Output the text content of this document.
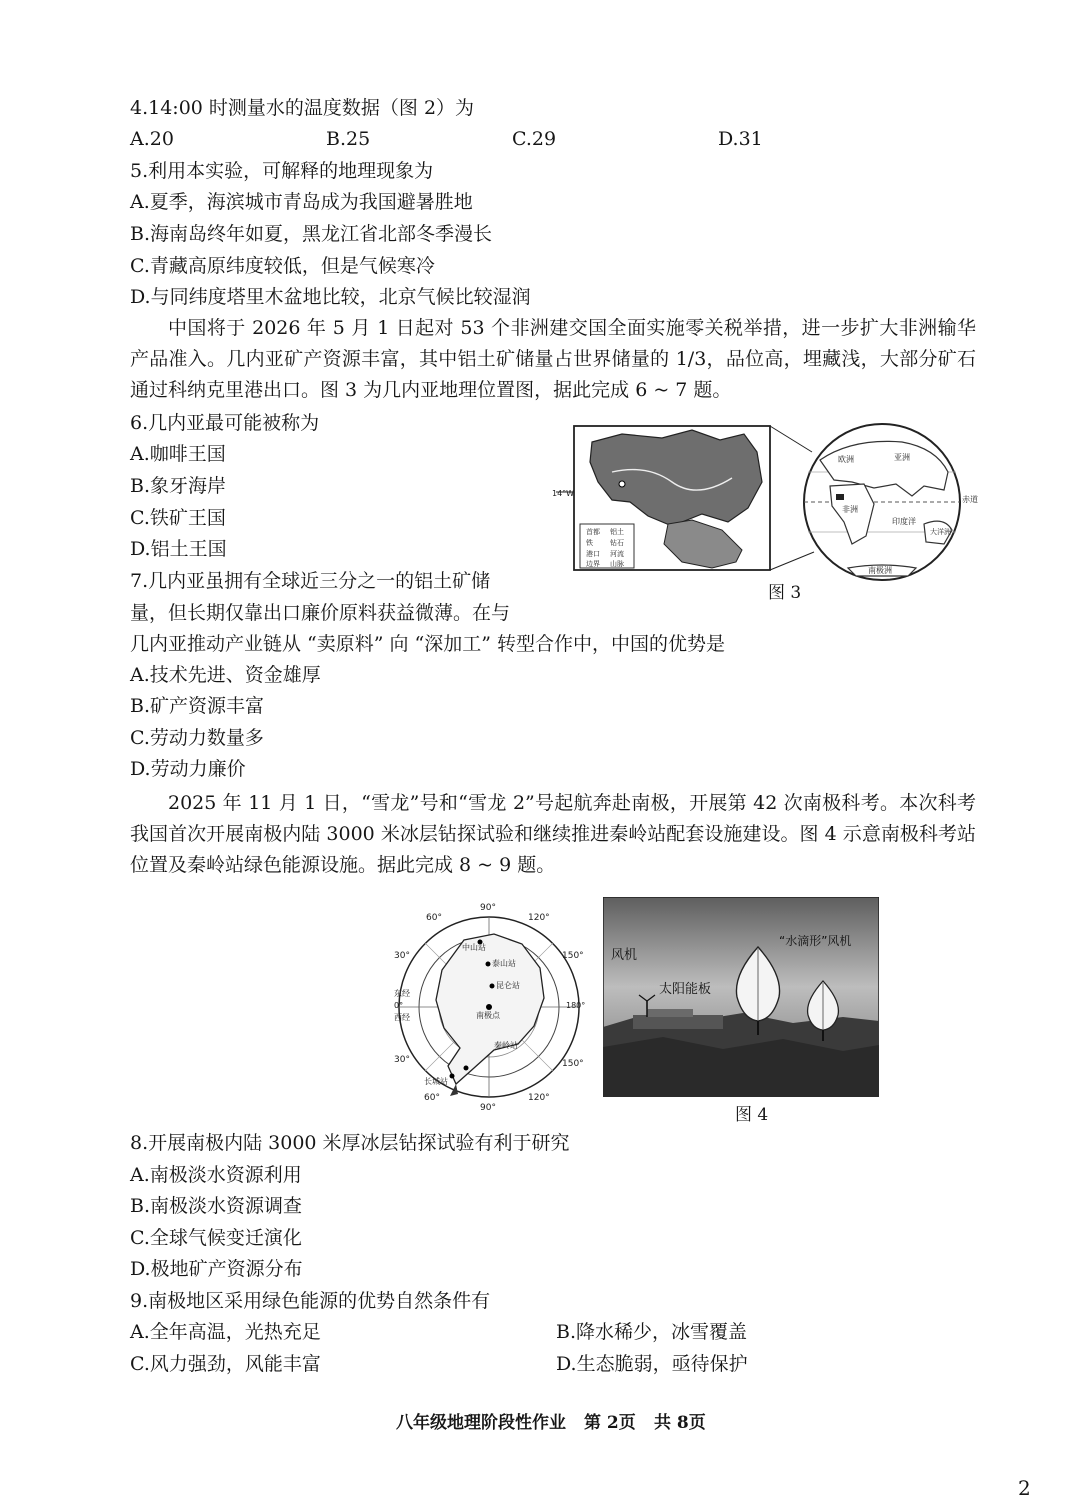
4.14:00 时测量水的温度数据（图 2）为
A.20	B.25	C.29	D.31
5.利用本实验，可解释的地理现象为
A.夏季，海滨城市青岛成为我国避暑胜地
B.海南岛终年如夏，黑龙江省北部冬季漫长
C.青藏高原纬度较低，但是气候寒冷
D.与同纬度塔里木盆地比较，北京气候比较湿润
中国将于 2026 年 5 月 1 日起对 53 个非洲建交国全面实施零关税举措，进一步扩大非洲输华产品准入。几内亚矿产资源丰富，其中铝土矿储量占世界储量的 1/3，品位高，埋藏浅，大部分矿石通过科纳克里港出口。图 3 为几内亚地理位置图，据此完成 6 ~ 7 题。
6.几内亚最可能被称为
A.咖啡王国
B.象牙海岸
C.铁矿王国
D.铝土王国
14°W
首都 铝土
铁 钻石
港口 河流
边界 山脉
亚洲
欧洲
非洲
印度洋
大洋洲
南极洲
赤道
图 3
7.几内亚虽拥有全球近三分之一的铝土矿储
量，但长期仅靠出口廉价原料获益微薄。在与
几内亚推动产业链从 “卖原料” 向 “深加工” 转型合作中，中国的优势是
A.技术先进、资金雄厚
B.矿产资源丰富
C.劳动力数量多
D.劳动力廉价
2025 年 11 月 1 日，“雪龙”号和“雪龙 2”号起航奔赴南极，开展第 42 次南极科考。本次科考我国首次开展南极内陆 3000 米冰层钻探试验和继续推进秦岭站配套设施建设。图 4 示意南极科考站位置及秦岭站绿色能源设施。据此完成 8 ~ 9 题。
60°
90°
120°
30°	150°
东经
0°	180°
西经
150°
30°
60°
90°
120°
中山站
泰山站
昆仑站
南极点
长城站
秦岭站
风机
太阳能板
“水滴形”风机
图 4
8.开展南极内陆 3000 米厚冰层钻探试验有利于研究
A.南极淡水资源利用
B.南极淡水资源调查
C.全球气候变迁演化
D.极地矿产资源分布
9.南极地区采用绿色能源的优势自然条件有
A.全年高温，光热充足	B.降水稀少，冰雪覆盖
C.风力强劲，风能丰富	D.生态脆弱，亟待保护
八年级地理阶段性作业 第 2页 共 8页
2
